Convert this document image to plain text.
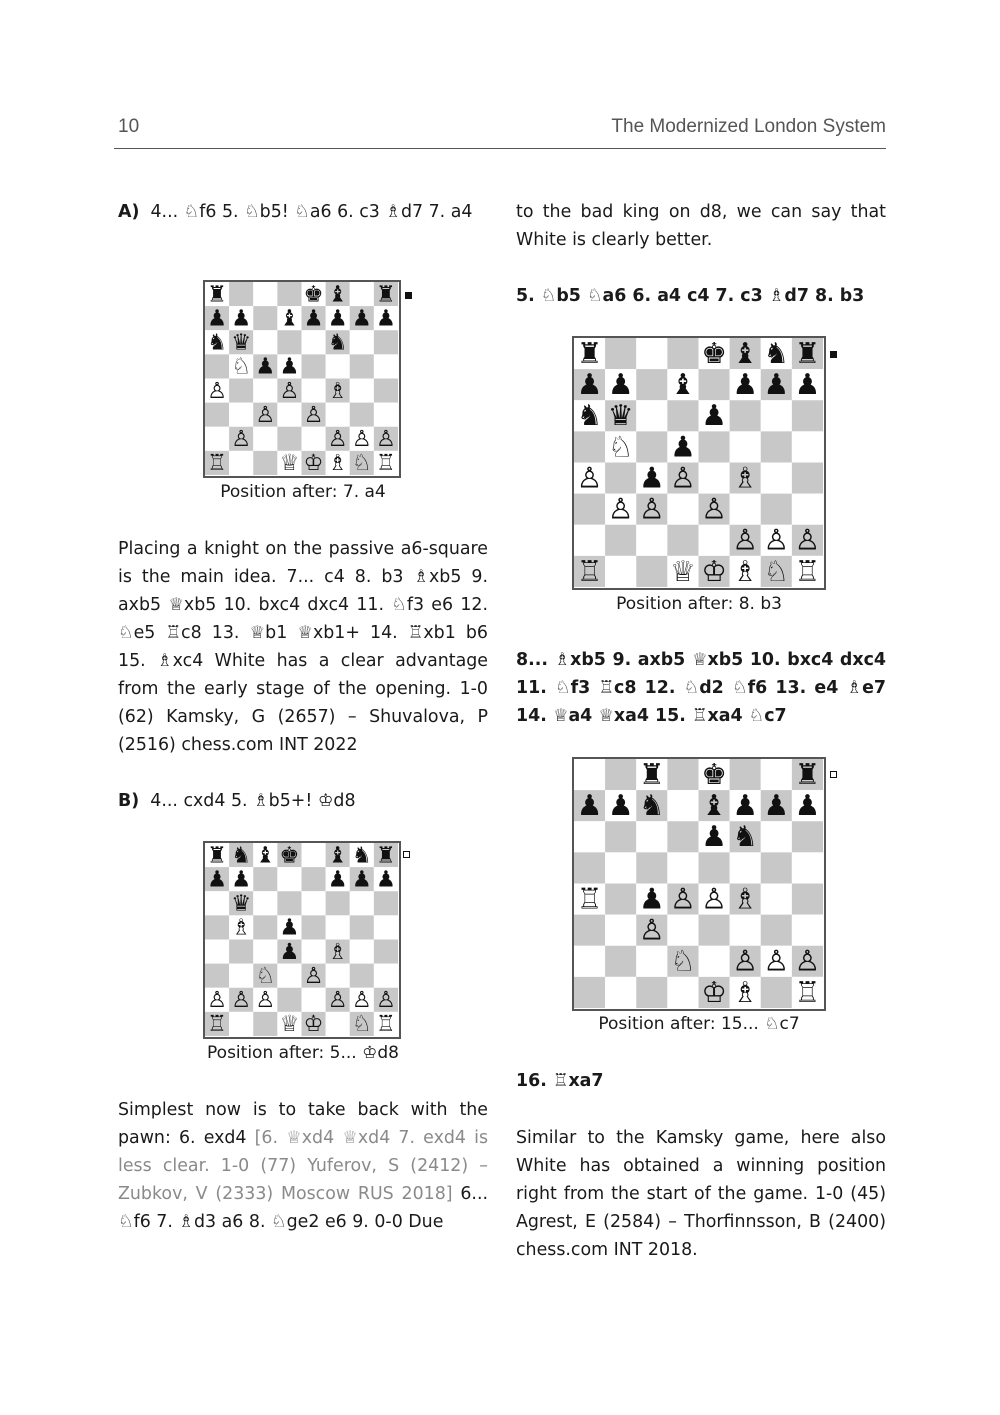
10	The Modernized London System
A) 4... ♘f6 5. ♘b5! ♘a6 6. c3 ♗d7 7. a4
♜	♚ ♝ ♜
♟ ♟ ♝ ♟ ♟ ♟ ♟
♞ ♛	♞
♘ ♟ ♟
♙ ♙ ♗
♙ ♙
♙	♙ ♙ ♙
♖ ♕ ♔ ♗ ♘ ♖
Position after: 7. a4
Placing a knight on the passive a6-square is the main idea. 7... c4 8. b3 ♗xb5 9. axb5 ♕xb5 10. bxc4 dxc4 11. ♘f3 e6 12. ♘e5 ♖c8 13. ♕b1 ♕xb1+ 14. ♖xb1 b6 15. ♗xc4 White has a clear advantage from the early stage of the opening. 1-0 (62) Kamsky, G (2657) – Shuvalova, P (2516) chess.com INT 2022
B) 4... cxd4 5. ♗b5+! ♔d8
♜ ♞ ♝ ♚ ♝ ♞ ♜
♟ ♟	♟ ♟ ♟
♛
♗ ♟
♟ ♗
♘ ♙
♙ ♙ ♙ ♙ ♙ ♙
♖ ♕ ♔ ♘ ♖
Position after: 5... ♔d8
Simplest now is to take back with the pawn: 6. exd4 [6. ♕xd4 ♕xd4 7. exd4 is less clear. 1-0 (77) Yuferov, S (2412) – Zubkov, V (2333) Moscow RUS 2018] 6... ♘f6 7. ♗d3 a6 8. ♘ge2 e6 9. 0-0 Due
to the bad king on d8, we can say that White is clearly better.
5. ♘b5 ♘a6 6. a4 c4 7. c3 ♗d7 8. b3
♜	♚ ♝ ♞ ♜
♟ ♟ ♝ ♟ ♟ ♟
♞ ♛ ♟
♘ ♟
♙ ♟ ♙ ♗
♙ ♙ ♙
♙ ♙ ♙
♖ ♕ ♔ ♗ ♘ ♖
Position after: 8. b3
8... ♗xb5 9. axb5 ♕xb5 10. bxc4 dxc4 11. ♘f3 ♖c8 12. ♘d2 ♘f6 13. e4 ♗e7 14. ♕a4 ♕xa4 15. ♖xa4 ♘c7
♜ ♚ ♜
♟ ♟ ♞ ♝ ♟ ♟ ♟
♟ ♞
♖ ♟ ♙ ♙ ♗
♙
♘ ♙ ♙ ♙
♔ ♗ ♖
Position after: 15... ♘c7
16. ♖xa7
Similar to the Kamsky game, here also White has obtained a winning position right from the start of the game. 1-0 (45) Agrest, E (2584) – Thorfinnsson, B (2400) chess.com INT 2018.
